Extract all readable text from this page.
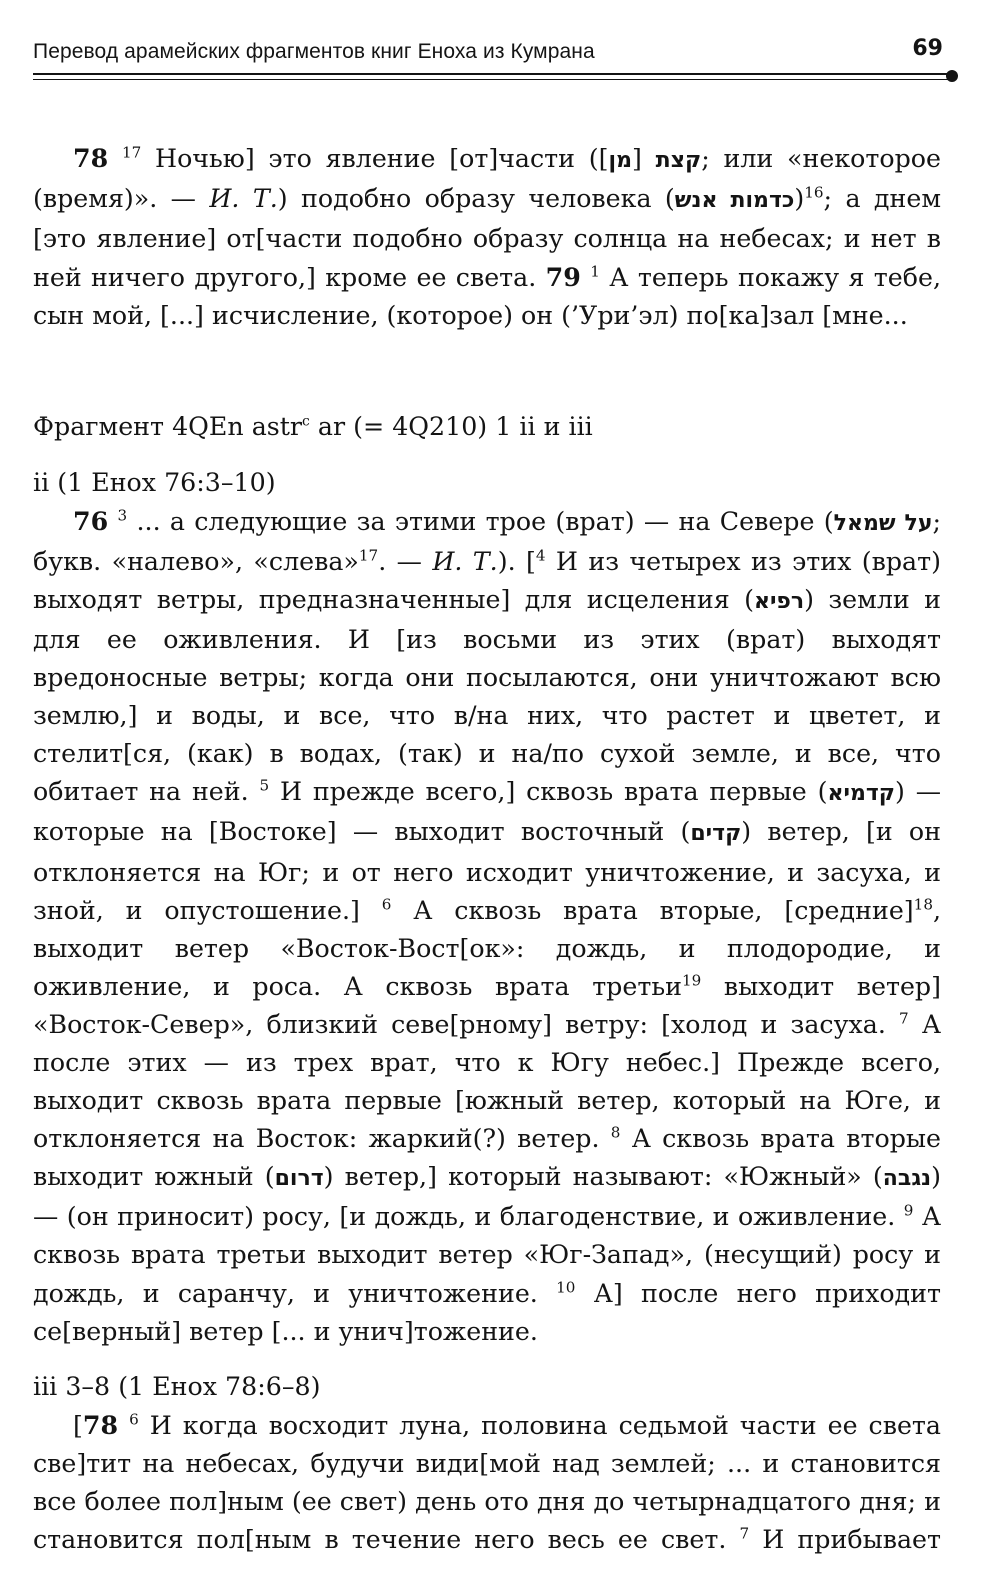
Перевод арамейских фрагментов книг Еноха из Кумрана	69

78 $^{17}$ Ночью] это явление [от]части (	קצת [מן]; или «некоторое (время)». — И. Т.) подобно образу человека (כדמות אנש)$^{16}$; а днем [это явление] от[части подобно образу солнца на небесах; и нет в ней ничего другого,] кроме ее света. 79 $^1$ А теперь покажу я тебе, сын мой, [...] исчисление, (которое) он (’Ури’эл) по[ка]зал [мне...

Фрагмент 4QEn astr$^c$ ar (= 4Q210) 1 ii и iii

ii (1 Енох 76:3–10)

76 $^3$ ... а следующие за этими трое (врат) — на Севере (על שמאל; букв. «налево», «слева»$^{17}$. — И. Т.). [$^4$ И из четырех из этих (врат) выходят ветры, предназначенные] для исцеления (רפיא) земли и для ее оживления. И [из восьми из этих (врат) выходят вредоносные ветры; когда они посылаются, они уничтожают всю землю,] и воды, и все, что в/на них, что растет и цветет, и стелит[ся, (как) в водах, (так) и на/по сухой земле, и все, что обитает на ней. $^5$ И прежде всего,] сквозь врата первые (קדמיא) — которые на [Востоке] — выходит восточный (קדים) ветер, [и он отклоняется на Юг; и от него исходит уничтожение, и засуха, и зной, и опустошение.] $^6$ А сквозь врата вторые, [средние]$^{18}$, выходит ветер «Восток-Вост[ок»: дождь, и плодородие, и оживление, и роса. А сквозь врата третьи$^{19}$ выходит ветер] «Восток-Север», близкий севе[рному] ветру: [холод и засуха. $^7$ А после этих — из трех врат, что к Югу небес.] Прежде всего, выходит сквозь врата первые [южный ветер, который на Юге, и отклоняется на Восток: жаркий(?) ветер. $^8$ А сквозь врата вторые выходит южный (דרום) ветер,] который называют: «Южный» (נגבה) — (он приносит) росу, [и дождь, и благоденствие, и оживление. $^9$ А сквозь врата третьи выходит ветер «Юг-Запад», (несущий) росу и дождь, и саранчу, и уничтожение. $^{10}$ А] после него приходит се[верный] ветер [... и унич]тожение.

iii 3–8 (1 Енох 78:6–8)

[78 $^6$ И когда восходит луна, половина седьмой части ее света све]тит на небесах, будучи види[мой над землей; ... и становится все более пол]ным (ее свет) день ото дня до четырнадцатого дня; и становится пол[ным в течение него весь ее свет. $^7$ И прибывает
